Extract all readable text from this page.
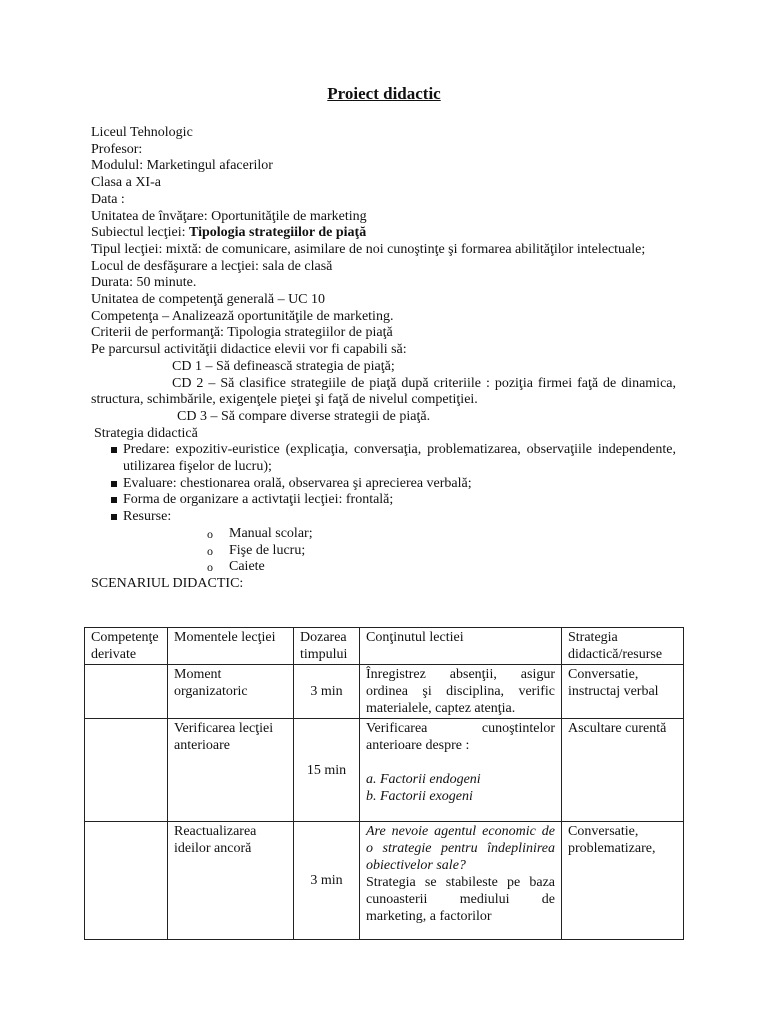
Proiect didactic
Liceul Tehnologic
Profesor:
Modulul: Marketingul afacerilor
Clasa a XI-a
Data :
Unitatea de învăţare: Oportunităţile de marketing
Subiectul lecţiei: Tipologia strategiilor de piaţă
Tipul lecţiei: mixtă: de comunicare, asimilare de noi cunoştinţe şi formarea abilităţilor intelectuale;
Locul de desfăşurare a lecţiei: sala de clasă
Durata: 50 minute.
Unitatea de competenţă generală – UC 10
Competenţa – Analizează oportunităţile de marketing.
Criterii de performanţă: Tipologia strategiilor de piaţă
Pe parcursul activităţii didactice elevii vor fi capabili să:
CD 1 – Să definească strategia de piaţă;
CD 2 – Să clasifice strategiile de piaţă după criteriile : poziţia firmei faţă de dinamica, structura, schimbările, exigenţele pieţei şi faţă de nivelul competiţiei.
CD 3 – Să compare diverse strategii de piaţă.
Strategia didactică
Predare: expozitiv-euristice (explicaţia, conversaţia, problematizarea, observaţiile independente, utilizarea fişelor de lucru);
Evaluare: chestionarea orală, observarea şi aprecierea verbală;
Forma de organizare a activtaţii lecţiei: frontală;
Resurse:
o Manual scolar;
o Fişe de lucru;
o Caiete
SCENARIUL DIDACTIC:
Competenţe derivate	Momentele lecţiei	Dozarea timpului	Conţinutul lectiei	Strategia didactică/resurse
	Moment organizatoric	3 min	Înregistrez absenţii, asigur ordinea şi disciplina, verific materialele, captez atenţia.	Conversatie, instructaj verbal
	Verificarea lecţiei anterioare	15 min	Verificarea cunoştintelor anterioare despre :
a. Factorii endogeni
b. Factorii exogeni	Ascultare curentă
	Reactualizarea ideilor ancoră	3 min	Are nevoie agentul economic de o strategie pentru îndeplinirea obiectivelor sale?
Strategia se stabileste pe baza cunoasterii mediului de marketing, a factorilor	Conversatie, problematizare,
